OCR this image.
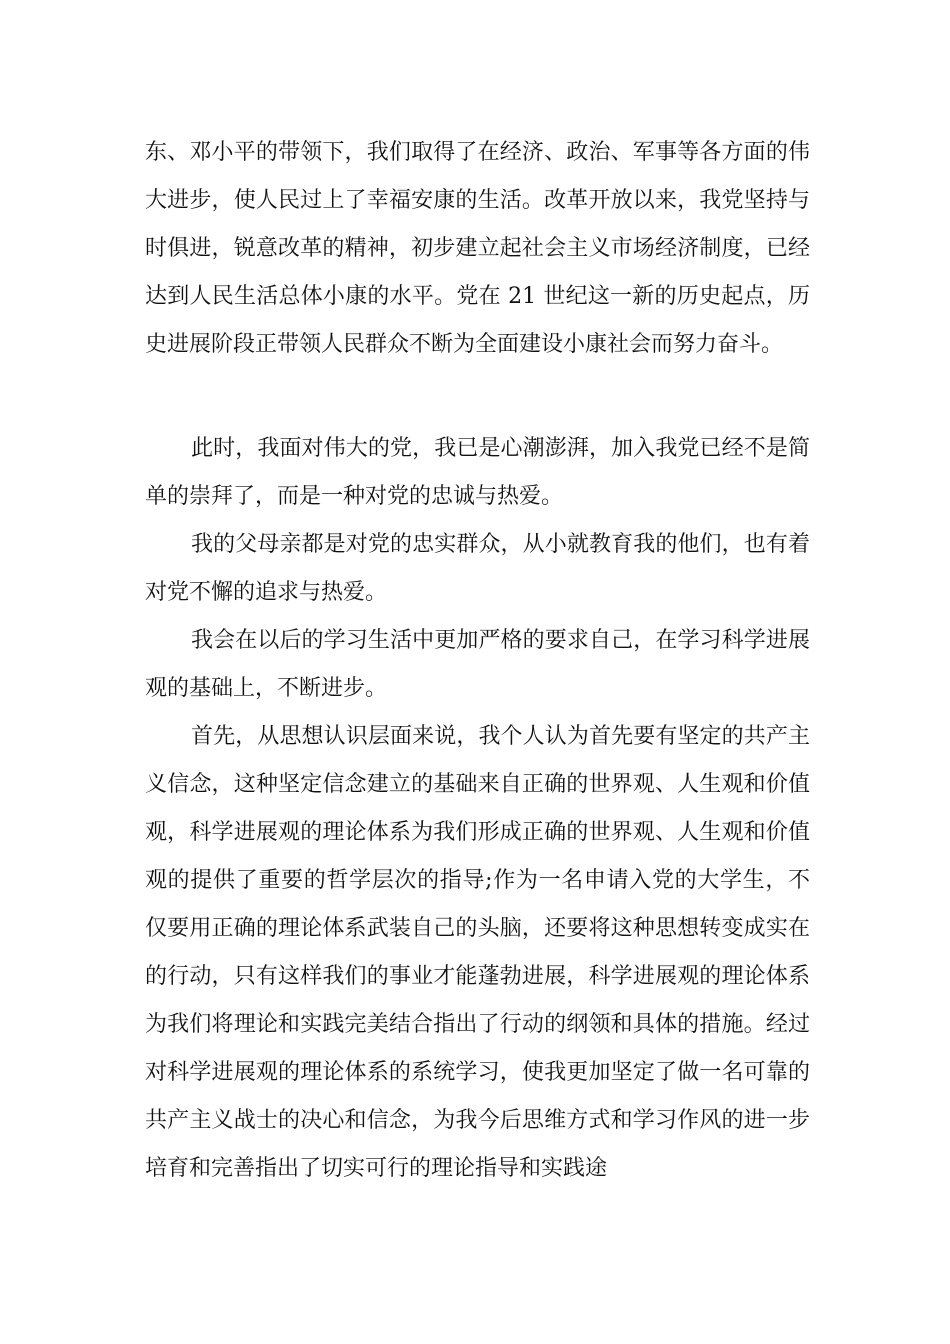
东、邓小平的带领下，我们取得了在经济、政治、军事等各方面的伟大进步，使人民过上了幸福安康的生活。改革开放以来，我党坚持与时俱进，锐意改革的精神，初步建立起社会主义市场经济制度，已经达到人民生活总体小康的水平。党在 21 世纪这一新的历史起点，历史进展阶段正带领人民群众不断为全面建设小康社会而努力奋斗。

此时，我面对伟大的党，我已是心潮澎湃，加入我党已经不是简单的崇拜了，而是一种对党的忠诚与热爱。

我的父母亲都是对党的忠实群众，从小就教育我的他们，也有着对党不懈的追求与热爱。

我会在以后的学习生活中更加严格的要求自己，在学习科学进展观的基础上，不断进步。

首先，从思想认识层面来说，我个人认为首先要有坚定的共产主义信念，这种坚定信念建立的基础来自正确的世界观、人生观和价值观，科学进展观的理论体系为我们形成正确的世界观、人生观和价值观的提供了重要的哲学层次的指导;作为一名申请入党的大学生，不仅要用正确的理论体系武装自己的头脑，还要将这种思想转变成实在的行动，只有这样我们的事业才能蓬勃进展，科学进展观的理论体系为我们将理论和实践完美结合指出了行动的纲领和具体的措施。经过对科学进展观的理论体系的系统学习，使我更加坚定了做一名可靠的共产主义战士的决心和信念，为我今后思维方式和学习作风的进一步培育和完善指出了切实可行的理论指导和实践途
